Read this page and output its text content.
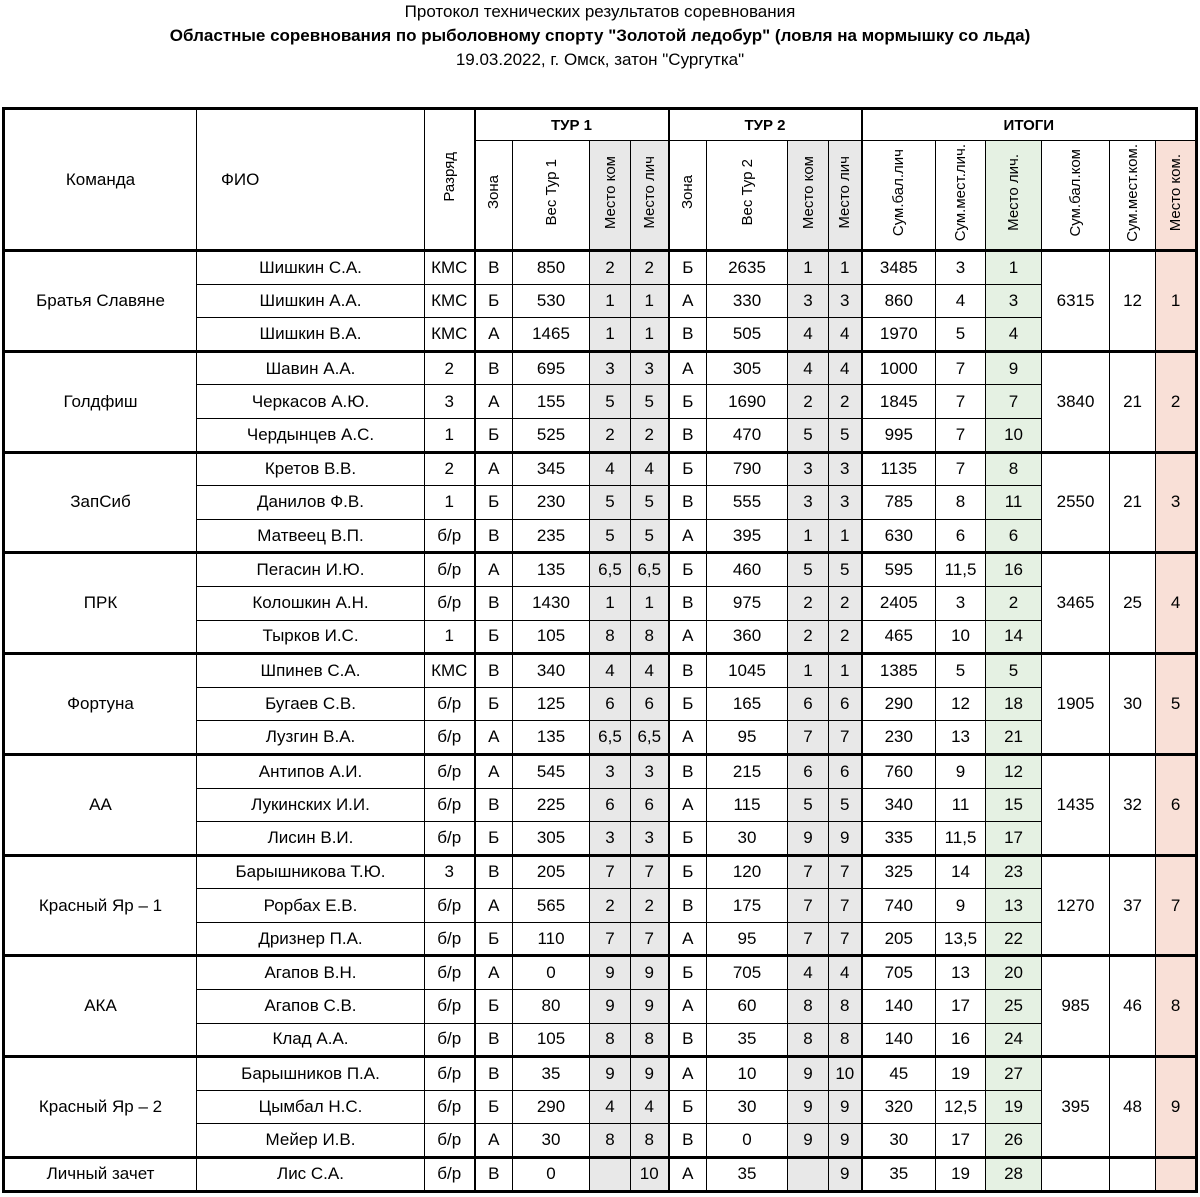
Протокол технических результатов соревнования
Областные соревнования по рыболовному спорту "Золотой ледобур" (ловля на мормышку со льда)
19.03.2022, г. Омск, затон "Сургутка"
Команда	ФИО	Разряд	ТУР 1				ТУР 2				ИТОГИ					
			Зона	Вес Тур 1	Место ком	Место лич	Зона	Вес Тур 2	Место ком	Место лич	Сум.бал.лич	Сум.мест.лич.	Место лич.	Сум.бал.ком	Сум.мест.ком.	Место ком.
Братья Славяне	Шишкин С.А.	КМС	В	850	2	2	Б	2635	1	1	3485	3	1	6315	12	1
	Шишкин А.А.	КМС	Б	530	1	1	А	330	3	3	860	4	3			
	Шишкин В.А.	КМС	А	1465	1	1	В	505	4	4	1970	5	4			
Голдфиш	Шавин А.А.	2	В	695	3	3	А	305	4	4	1000	7	9	3840	21	2
	Черкасов А.Ю.	3	А	155	5	5	Б	1690	2	2	1845	7	7			
	Чердынцев А.С.	1	Б	525	2	2	В	470	5	5	995	7	10			
ЗапСиб	Кретов В.В.	2	А	345	4	4	Б	790	3	3	1135	7	8	2550	21	3
	Данилов Ф.В.	1	Б	230	5	5	В	555	3	3	785	8	11			
	Матвеец В.П.	б/р	В	235	5	5	А	395	1	1	630	6	6			
ПРК	Пегасин И.Ю.	б/р	А	135	6,5	6,5	Б	460	5	5	595	11,5	16	3465	25	4
	Колошкин А.Н.	б/р	В	1430	1	1	В	975	2	2	2405	3	2			
	Тырков И.С.	1	Б	105	8	8	А	360	2	2	465	10	14			
Фортуна	Шпинев С.А.	КМС	В	340	4	4	В	1045	1	1	1385	5	5	1905	30	5
	Бугаев С.В.	б/р	Б	125	6	6	Б	165	6	6	290	12	18			
	Лузгин В.А.	б/р	А	135	6,5	6,5	А	95	7	7	230	13	21			
АА	Антипов А.И.	б/р	А	545	3	3	В	215	6	6	760	9	12	1435	32	6
	Лукинских И.И.	б/р	В	225	6	6	А	115	5	5	340	11	15			
	Лисин В.И.	б/р	Б	305	3	3	Б	30	9	9	335	11,5	17			
Красный Яр – 1	Барышникова Т.Ю.	3	В	205	7	7	Б	120	7	7	325	14	23	1270	37	7
	Рорбах Е.В.	б/р	А	565	2	2	В	175	7	7	740	9	13			
	Дризнер П.А.	б/р	Б	110	7	7	А	95	7	7	205	13,5	22			
АКА	Агапов В.Н.	б/р	А	0	9	9	Б	705	4	4	705	13	20	985	46	8
	Агапов С.В.	б/р	Б	80	9	9	А	60	8	8	140	17	25			
	Клад А.А.	б/р	В	105	8	8	В	35	8	8	140	16	24			
Красный Яр – 2	Барышников П.А.	б/р	В	35	9	9	А	10	9	10	45	19	27	395	48	9
	Цымбал Н.С.	б/р	Б	290	4	4	Б	30	9	9	320	12,5	19			
	Мейер И.В.	б/р	А	30	8	8	В	0	9	9	30	17	26			
Личный зачет	Лис С.А.	б/р	В	0		10	А	35		9	35	19	28			
